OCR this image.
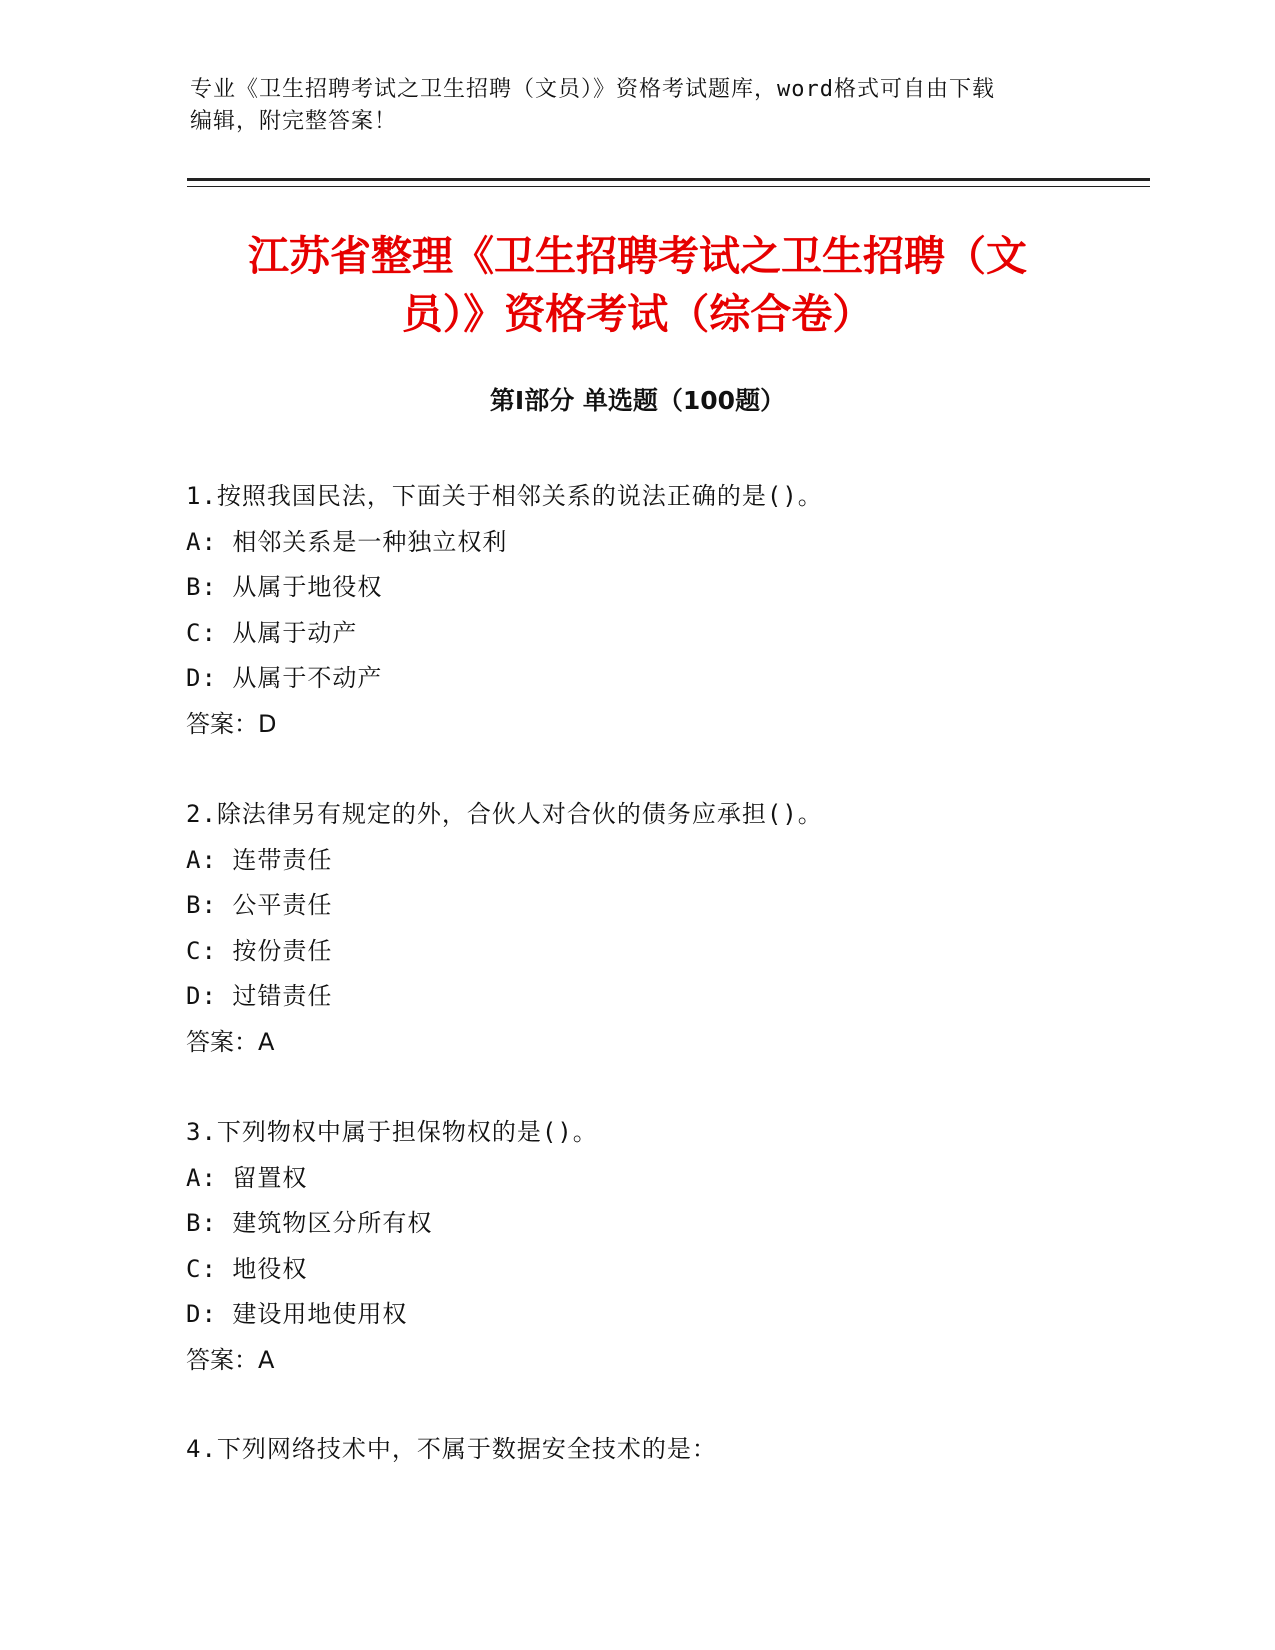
专业《卫生招聘考试之卫生招聘（文员）》资格考试题库，word格式可自由下载
编辑，附完整答案！
江苏省整理《卫生招聘考试之卫生招聘（文
员）》资格考试（综合卷）
第Ⅰ部分 单选题（100题）
1.按照我国民法，下面关于相邻关系的说法正确的是()。
A: 相邻关系是一种独立权利
B: 从属于地役权
C: 从属于动产
D: 从属于不动产
答案：D
2.除法律另有规定的外，合伙人对合伙的债务应承担()。
A: 连带责任
B: 公平责任
C: 按份责任
D: 过错责任
答案：A
3.下列物权中属于担保物权的是()。
A: 留置权
B: 建筑物区分所有权
C: 地役权
D: 建设用地使用权
答案：A
4.下列网络技术中，不属于数据安全技术的是：
